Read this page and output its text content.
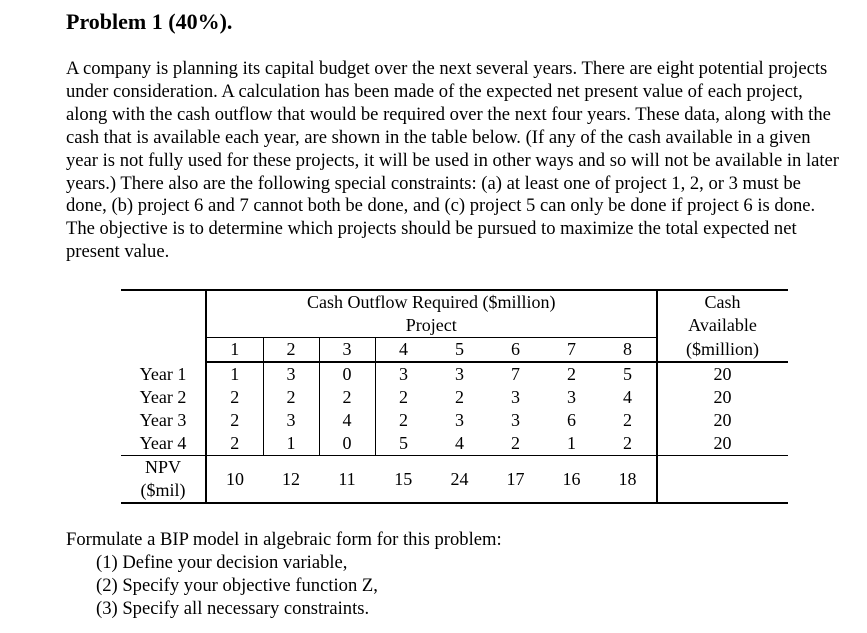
Problem 1 (40%).

A company is planning its capital budget over the next several years. There are eight potential projects under consideration. A calculation has been made of the expected net present value of each project, along with the cash outflow that would be required over the next four years. These data, along with the cash that is available each year, are shown in the table below. (If any of the cash available in a given year is not fully used for these projects, it will be used in other ways and so will not be available in later years.) There also are the following special constraints: (a) at least one of project 1, 2, or 3 must be done, (b) project 6 and 7 cannot both be done, and (c) project 5 can only be done if project 6 is done. The objective is to determine which projects should be pursued to maximize the total expected net present value.

	Cash Outflow Required ($million)								Cash
	Project								Available
	1	2	3	4	5	6	7	8	($million)
Year 1	1	3	0	3	3	7	2	5	20
Year 2	2	2	2	2	2	3	3	4	20
Year 3	2	3	4	2	3	3	6	2	20
Year 4	2	1	0	5	4	2	1	2	20

NPV
($mil)	10	12	11	15	24	17	16	18	
Formulate a BIP model in algebraic form for this problem:
(1) Define your decision variable,
(2) Specify your objective function Z,
(3) Specify all necessary constraints.
